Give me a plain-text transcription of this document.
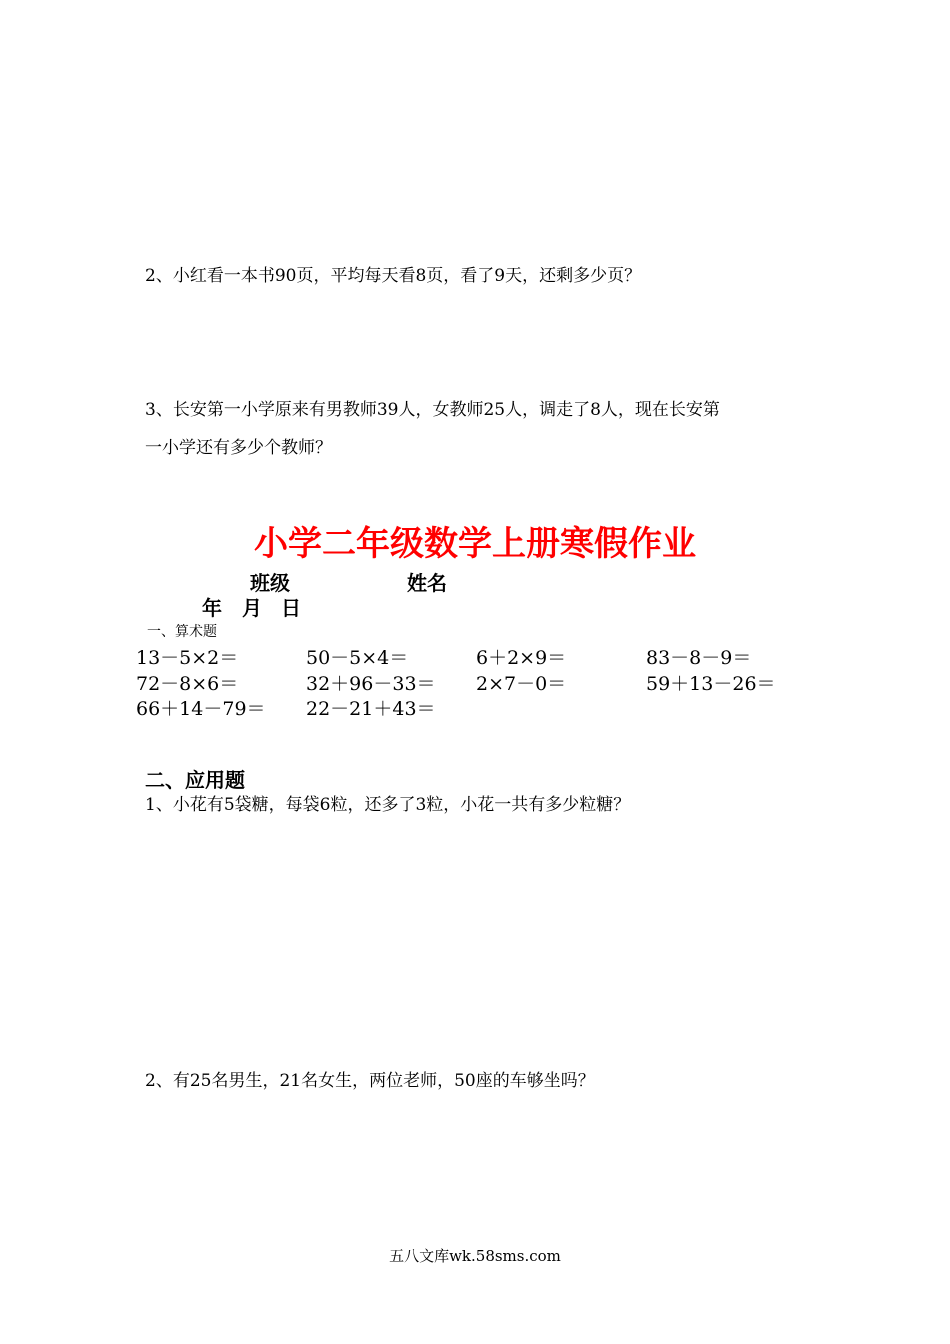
2、小红看一本书90页，平均每天看8页，看了9天，还剩多少页？
3、长安第一小学原来有男教师39人，女教师25人，调走了8人，现在长安第
一小学还有多少个教师？
小学二年级数学上册寒假作业
班级	姓名
年 月 日
一、算术题
13－5×2＝	50－5×4＝	6＋2×9＝	83－8－9＝
72－8×6＝	32＋96－33＝ 2×7－0＝	59＋13－26＝
66＋14－79＝ 22－21＋43＝
二、应用题
1、小花有5袋糖，每袋6粒，还多了3粒，小花一共有多少粒糖？
2、有25名男生，21名女生，两位老师，50座的车够坐吗？
五八文库wk.58sms.com
